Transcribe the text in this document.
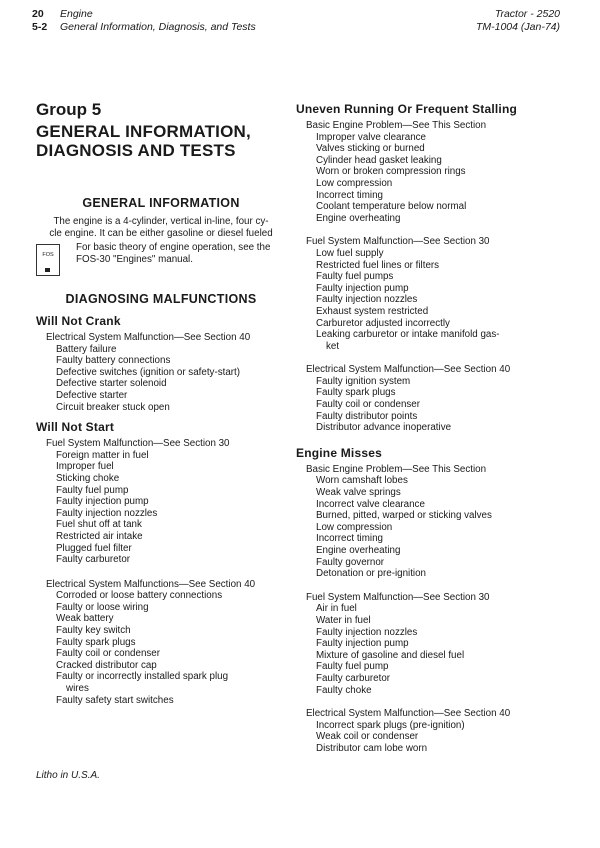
20 Engine
5-2 General Information, Diagnosis, and Tests
Tractor - 2520
TM-1004 (Jan-74)
Group 5
GENERAL INFORMATION,
DIAGNOSIS AND TESTS
GENERAL INFORMATION
The engine is a 4-cylinder, vertical in-line, four cy-
cle engine. It can be either gasoline or diesel fueled
FOS
For basic theory of engine operation, see the FOS-30 "Engines" manual.
DIAGNOSING MALFUNCTIONS
Will Not Crank
Electrical System Malfunction—See Section 40
Battery failure
Faulty battery connections
Defective switches (ignition or safety-start)
Defective starter solenoid
Defective starter
Circuit breaker stuck open
Will Not Start
Fuel System Malfunction—See Section 30
Foreign matter in fuel
Improper fuel
Sticking choke
Faulty fuel pump
Faulty injection pump
Faulty injection nozzles
Fuel shut off at tank
Restricted air intake
Plugged fuel filter
Faulty carburetor
Electrical System Malfunctions—See Section 40
Corroded or loose battery connections
Faulty or loose wiring
Weak battery
Faulty key switch
Faulty spark plugs
Faulty coil or condenser
Cracked distributor cap
Faulty or incorrectly installed spark plug
wires
Faulty safety start switches
Uneven Running Or Frequent Stalling
Basic Engine Problem—See This Section
Improper valve clearance
Valves sticking or burned
Cylinder head gasket leaking
Worn or broken compression rings
Low compression
Incorrect timing
Coolant temperature below normal
Engine overheating
Fuel System Malfunction—See Section 30
Low fuel supply
Restricted fuel lines or filters
Faulty fuel pumps
Faulty injection pump
Faulty injection nozzles
Exhaust system restricted
Carburetor adjusted incorrectly
Leaking carburetor or intake manifold gas-
ket
Electrical System Malfunction—See Section 40
Faulty ignition system
Faulty spark plugs
Faulty coil or condenser
Faulty distributor points
Distributor advance inoperative
Engine Misses
Basic Engine Problem—See This Section
Worn camshaft lobes
Weak valve springs
Incorrect valve clearance
Burned, pitted, warped or sticking valves
Low compression
Incorrect timing
Engine overheating
Faulty governor
Detonation or pre-ignition
Fuel System Malfunction—See Section 30
Air in fuel
Water in fuel
Faulty injection nozzles
Faulty injection pump
Mixture of gasoline and diesel fuel
Faulty fuel pump
Faulty carburetor
Faulty choke
Electrical System Malfunction—See Section 40
Incorrect spark plugs (pre-ignition)
Weak coil or condenser
Distributor cam lobe worn
Litho in U.S.A.
